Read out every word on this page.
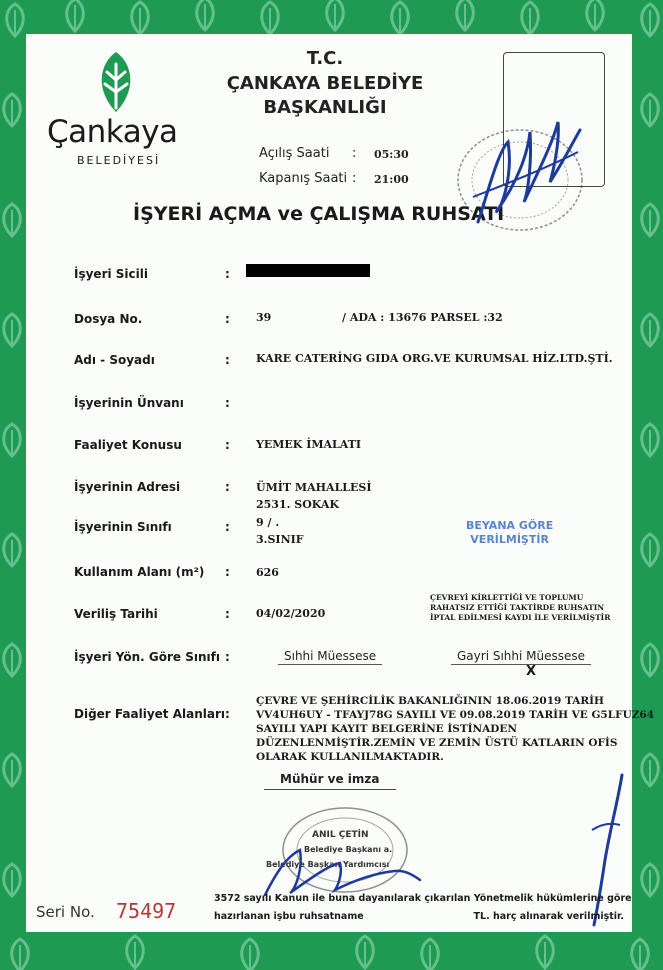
Çankaya
BELEDİYESİ
T.C.
ÇANKAYA BELEDİYE
BAŞKANLIĞI
Açılış Saati : 05:30
Kapanış Saati : 21:00
İŞYERİ AÇMA ve ÇALIŞMA RUHSATI
İşyeri Sicili	:
Dosya No.	: 39	/ ADA : 13676 PARSEL :32
Adı - Soyadı	: KARE CATERİNG GIDA ORG.VE KURUMSAL HİZ.LTD.ŞTİ.
İşyerinin Ünvanı	:
Faaliyet Konusu	: YEMEK İMALATI
İşyerinin Adresi	: ÜMİT MAHALLESİ
2531. SOKAK
İşyerinin Sınıfı	: 9 / .
3.SINIF
BEYANA GÖRE
VERİLMİŞTİR
Kullanım Alanı (m²) : 626
Veriliş Tarihi	: 04/02/2020
ÇEVREYİ KİRLETTİĞİ VE TOPLUMU
RAHATSIZ ETTİĞİ TAKTİRDE RUHSATIN
İPTAL EDİLMESİ KAYDI İLE VERİLMİŞTİR
İşyeri Yön. Göre Sınıfı :	Sıhhi Müessese	Gayri Sıhhi Müessese
X
Diğer Faaliyet Alanları :
ÇEVRE VE ŞEHİRCİLİK BAKANLIĞININ 18.06.2019 TARİH
VV4UH6UY - TFAYJ78G SAYILI VE 09.08.2019 TARİH VE G5LFUZ64
SAYILI YAPI KAYIT BELGERİNE İSTİNADEN
DÜZENLENMİŞTİR.ZEMİN VE ZEMİN ÜSTÜ KATLARIN OFİS
OLARAK KULLANILMAKTADIR.
Mühür ve imza
ANIL ÇETİN
Belediye Başkanı a.
Belediye Başkan Yardımcısı
3572 sayılı Kanun ile buna dayanılarak çıkarılan Yönetmelik hükümlerine göre
hazırlanan işbu ruhsatname	TL. harç alınarak verilmiştir.
Seri No. 75497
